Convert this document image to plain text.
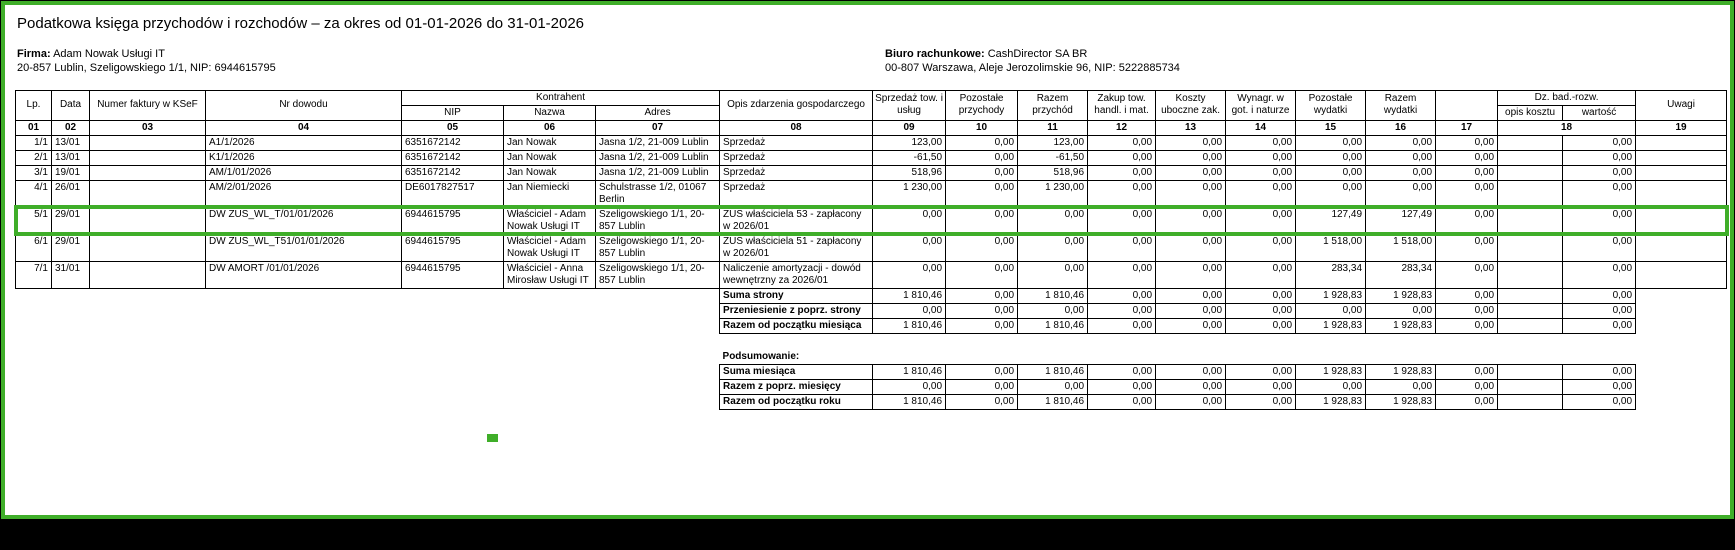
Podatkowa księga przychodów i rozchodów – za okres od 01-01-2026 do 31-01-2026
Firma: Adam Nowak Usługi IT
20-857 Lublin, Szeligowskiego 1/1, NIP: 6944615795
Biuro rachunkowe: CashDirector SA BR
00-807 Warszawa, Aleje Jerozolimskie 96, NIP: 5222885734
Lp.	Data	Numer faktury w KSeF	Nr dowodu	Kontrahent			Opis zdarzenia gospodarczego	Sprzedaż tow. i usług	Pozostałe przychody	Razem przychód	Zakup tow. handl. i mat.	Koszty uboczne zak.	Wynagr. w got. i naturze	Pozostałe wydatki	Razem wydatki		Dz. bad.-rozw.		Uwagi
				NIP	Nazwa	Adres											opis kosztu	wartość	
01	02	03	04	05	06	07	08	09	10	11	12	13	14	15	16	17	18		19
1/1	13/01		A1/1/2026	6351672142	Jan Nowak	Jasna 1/2, 21-009 Lublin	Sprzedaż	123,00	0,00	123,00	0,00	0,00	0,00	0,00	0,00	0,00		0,00	
2/1	13/01		K1/1/2026	6351672142	Jan Nowak	Jasna 1/2, 21-009 Lublin	Sprzedaż	-61,50	0,00	-61,50	0,00	0,00	0,00	0,00	0,00	0,00		0,00	
3/1	19/01		AM/1/01/2026	6351672142	Jan Nowak	Jasna 1/2, 21-009 Lublin	Sprzedaż	518,96	0,00	518,96	0,00	0,00	0,00	0,00	0,00	0,00		0,00	
4/1	26/01		AM/2/01/2026	DE6017827517	Jan Niemiecki	Schulstrasse 1/2, 01067 Berlin	Sprzedaż	1 230,00	0,00	1 230,00	0,00	0,00	0,00	0,00	0,00	0,00		0,00	
5/1	29/01		DW ZUS_WL_T/01/01/2026	6944615795	Właściciel - Adam Nowak Usługi IT	Szeligowskiego 1/1, 20-857 Lublin	ZUS właściciela 53 - zapłacony w 2026/01	0,00	0,00	0,00	0,00	0,00	0,00	127,49	127,49	0,00		0,00	
6/1	29/01		DW ZUS_WL_T51/01/01/2026	6944615795	Właściciel - Adam Nowak Usługi IT	Szeligowskiego 1/1, 20-857 Lublin	ZUS właściciela 51 - zapłacony w 2026/01	0,00	0,00	0,00	0,00	0,00	0,00	1 518,00	1 518,00	0,00		0,00	
7/1	31/01		DW AMORT /01/01/2026	6944615795	Właściciel - Anna Mirosław Usługi IT	Szeligowskiego 1/1, 20-857 Lublin	Naliczenie amortyzacji - dowód wewnętrzny za 2026/01	0,00	0,00	0,00	0,00	0,00	0,00	283,34	283,34	0,00		0,00	
							Suma strony	1 810,46	0,00	1 810,46	0,00	0,00	0,00	1 928,83	1 928,83	0,00		0,00	
							Przeniesienie z poprz. strony	0,00	0,00	0,00	0,00	0,00	0,00	0,00	0,00	0,00		0,00	
							Razem od początku miesiąca	1 810,46	0,00	1 810,46	0,00	0,00	0,00	1 928,83	1 928,83	0,00		0,00	

							Podsumowanie:												
							Suma miesiąca	1 810,46	0,00	1 810,46	0,00	0,00	0,00	1 928,83	1 928,83	0,00		0,00	
							Razem z poprz. miesięcy	0,00	0,00	0,00	0,00	0,00	0,00	0,00	0,00	0,00		0,00	
							Razem od początku roku	1 810,46	0,00	1 810,46	0,00	0,00	0,00	1 928,83	1 928,83	0,00		0,00	
